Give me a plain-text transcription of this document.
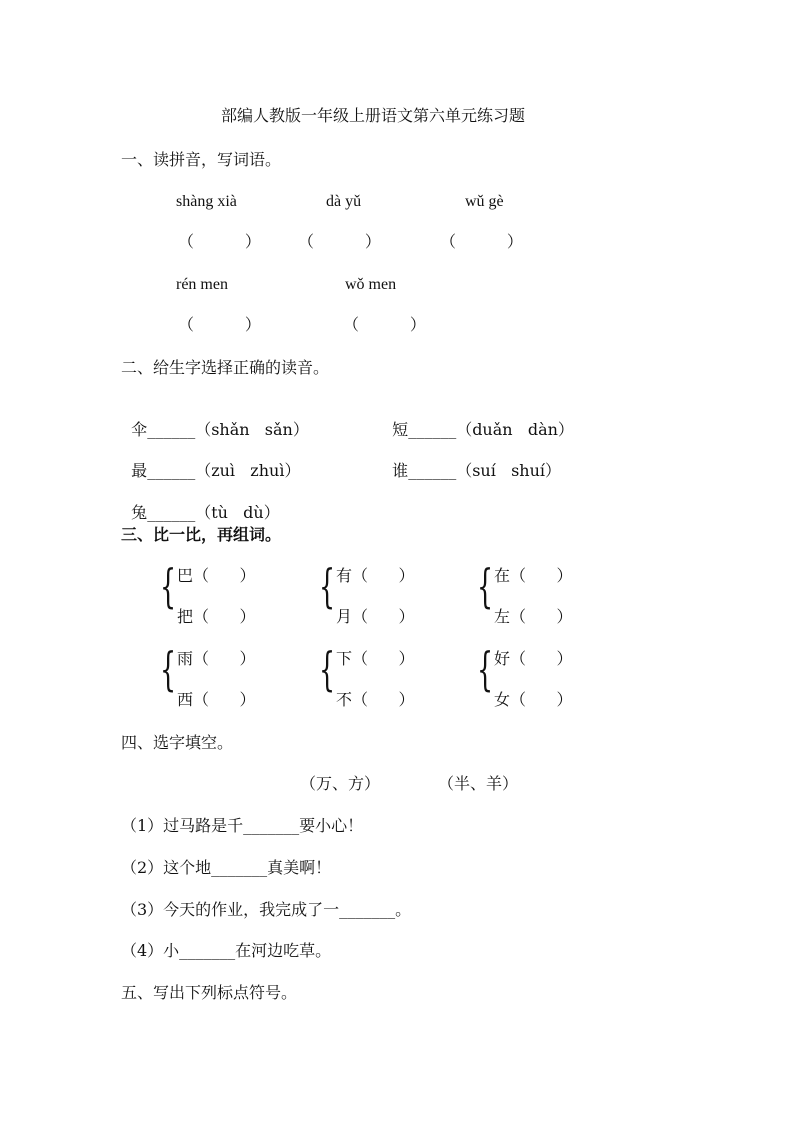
部编人教版一年级上册语文第六单元练习题
一、读拼音，写词语。
shàng xià	dà yǔ	wǔ gè
（          ） （          ）	（          ）
rén men	wǒ men
（          ）	（          ）
二、给生字选择正确的读音。

伞______（shǎn   sǎn）	短______（duǎn   dàn）

最______（zuì   zhuì）	谁______（suí   shuí）

兔______（tù   dù）

三、比一比，再组词。
{ 巴（      ）
把（      ）
{ 有（      ）
月（      ）
{ 在（      ）
左（      ）
{ 雨（      ）
西（      ）
{ 下（      ）
不（      ）
{ 好（      ）
女（      ）
四、选字填空。
（万、方）	（半、羊）
（1）过马路是千_______要小心！
（2）这个地_______真美啊！
（3）今天的作业，我完成了一_______。
（4）小_______在河边吃草。
五、写出下列标点符号。
